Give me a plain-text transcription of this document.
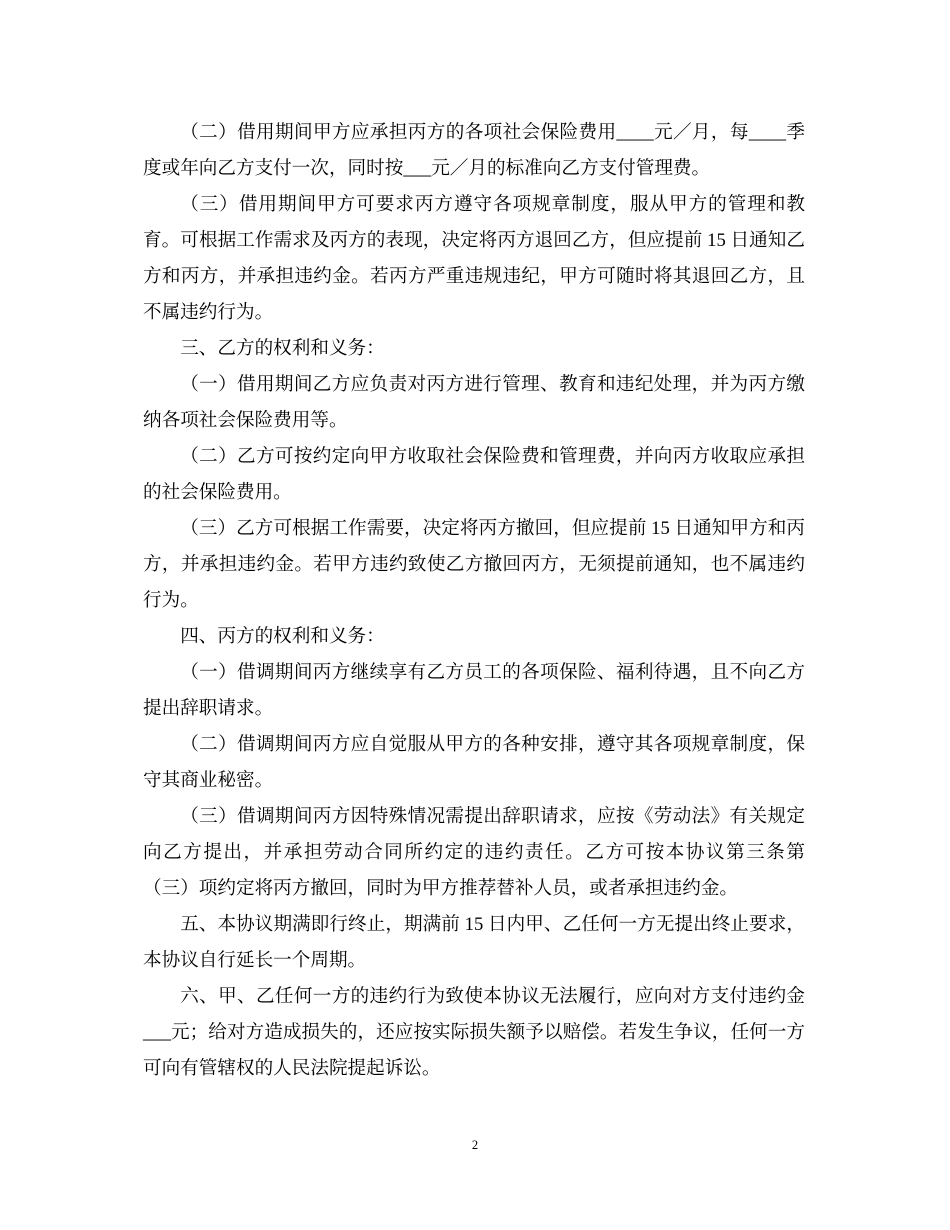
（二）借用期间甲方应承担丙方的各项社会保险费用____元／月，每____季
度或年向乙方支付一次，同时按___元／月的标准向乙方支付管理费。
（三）借用期间甲方可要求丙方遵守各项规章制度，服从甲方的管理和教
育。可根据工作需求及丙方的表现，决定将丙方退回乙方，但应提前 15 日通知乙
方和丙方，并承担违约金。若丙方严重违规违纪，甲方可随时将其退回乙方，且
不属违约行为。
三、乙方的权利和义务：
（一）借用期间乙方应负责对丙方进行管理、教育和违纪处理，并为丙方缴
纳各项社会保险费用等。
（二）乙方可按约定向甲方收取社会保险费和管理费，并向丙方收取应承担
的社会保险费用。
（三）乙方可根据工作需要，决定将丙方撤回，但应提前 15 日通知甲方和丙
方，并承担违约金。若甲方违约致使乙方撤回丙方，无须提前通知，也不属违约
行为。
四、丙方的权利和义务：
（一）借调期间丙方继续享有乙方员工的各项保险、福利待遇，且不向乙方
提出辞职请求。
（二）借调期间丙方应自觉服从甲方的各种安排，遵守其各项规章制度，保
守其商业秘密。
（三）借调期间丙方因特殊情况需提出辞职请求，应按《劳动法》有关规定
向乙方提出，并承担劳动合同所约定的违约责任。乙方可按本协议第三条第
（三）项约定将丙方撤回，同时为甲方推荐替补人员，或者承担违约金。
五、本协议期满即行终止，期满前 15 日内甲、乙任何一方无提出终止要求，
本协议自行延长一个周期。
六、甲、乙任何一方的违约行为致使本协议无法履行，应向对方支付违约金
___元；给对方造成损失的，还应按实际损失额予以赔偿。若发生争议，任何一方
可向有管辖权的人民法院提起诉讼。
2
